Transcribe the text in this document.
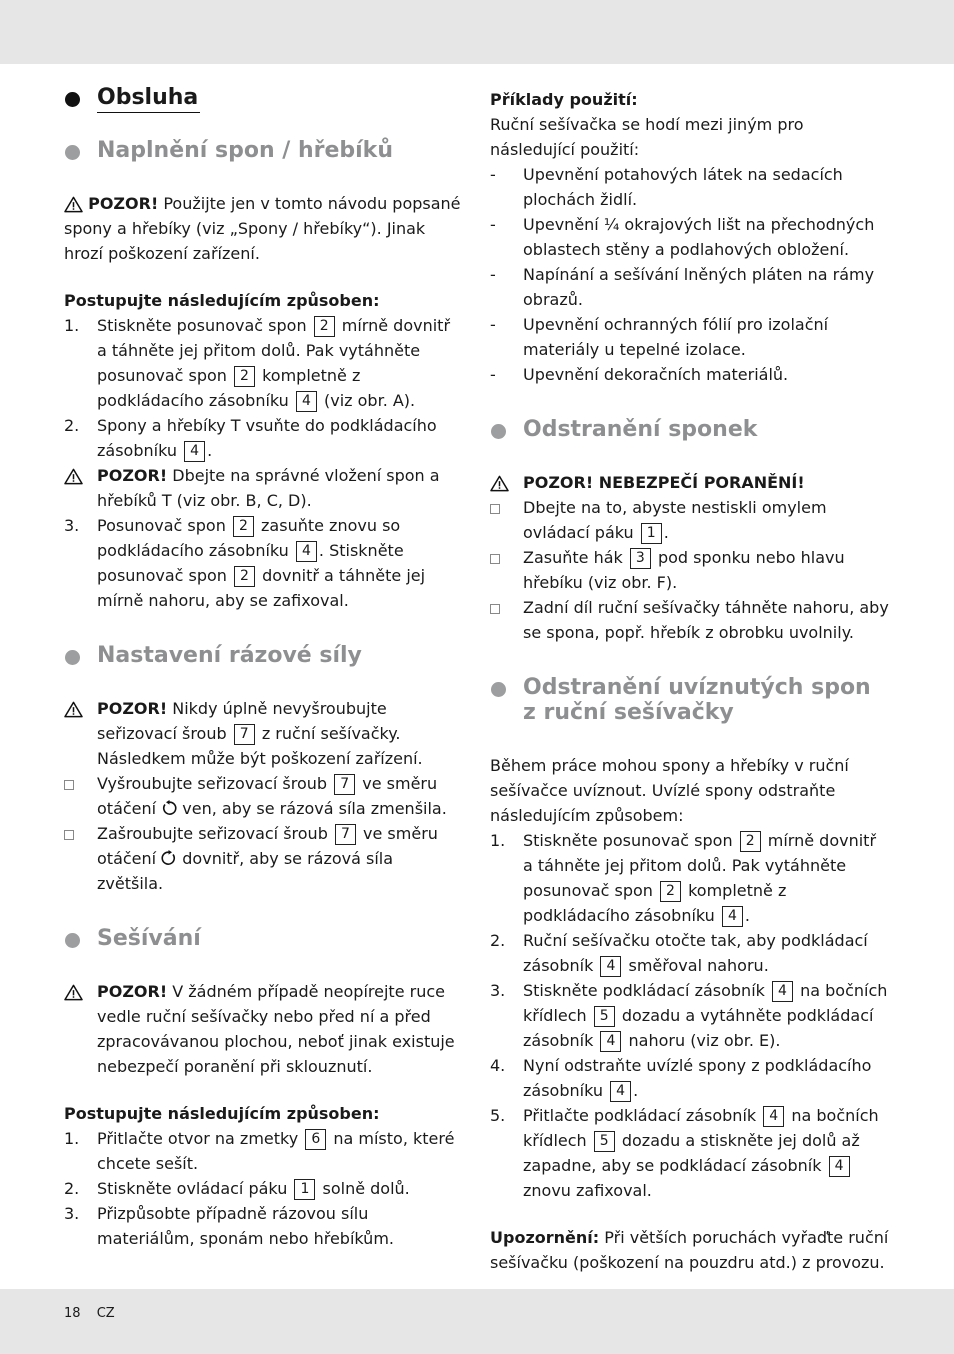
Obsluha
Naplnění spon / hřebíků

POZOR! Použijte jen v tomto návodu popsané spony a hřebíky (viz „Spony / hřebíky“). Jinak hrozí poškození zařízení.

Postupujte následujícím způsoben:

1. Stiskněte posunovač spon 2 mírně dovnitř a táhněte jej přitom dolů. Pak vytáhněte posunovač spon 2 kompletně z podkládacího zásobníku 4 (viz obr. A).

2. Spony a hřebíky T vsuňte do podkládacího zásobníku 4 .

POZOR! Dbejte na správné vložení spon a hřebíků T (viz obr. B, C, D).

3. Posunovač spon 2 zasuňte znovu so podkládacího zásobníku 4 . Stiskněte posunovač spon 2 dovnitř a táhněte jej mírně nahoru, aby se zafixoval.

Nastavení rázové síly

POZOR! Nikdy úplně nevyšroubujte seřizovací šroub 7 z ruční sešívačky. Následkem může být poškození zařízení.

Vyšroubujte seřizovací šroub 7 ve směru otáčení  ven, aby se rázová síla zmenšila.

Zašroubujte seřizovací šroub 7 ve směru otáčení  dovnitř, aby se rázová síla zvětšila.

Sešívání

POZOR! V žádném případě neopírejte ruce vedle ruční sešívačky nebo před ní a před zpracovávanou plochou, neboť jinak existuje nebezpečí poranění při sklouznutí.

Postupujte následujícím způsoben:

1. Přitlačte otvor na zmetky 6 na místo, které chcete sešít.

2. Stiskněte ovládací páku 1 solně dolů.

3. Přizpůsobte případně rázovou sílu materiálům, sponám nebo hřebíkům.

Příklady použití:

Ruční sešívačka se hodí mezi jiným pro následující použití:

- Upevnění potahových látek na sedacích plochách židlí.

- Upevnění ¼ okrajových lišt na přechodných oblastech stěny a podlahových obložení.

- Napínání a sešívání lněných pláten na rámy obrazů.

- Upevnění ochranných fólií pro izolační materiály u tepelné izolace.

- Upevnění dekoračních materiálů.

Odstranění sponek

POZOR! NEBEZPEČÍ PORANĚNÍ!

Dbejte na to, abyste nestiskli omylem ovládací páku 1 .

Zasuňte hák 3 pod sponku nebo hlavu hřebíku (viz obr. F).

Zadní díl ruční sešívačky táhněte nahoru, aby se spona, popř. hřebík z obrobku uvolnily.

Odstranění uvíznutých spon z ruční sešívačky

Během práce mohou spony a hřebíky v ruční sešívačce uvíznout. Uvízlé spony odstraňte následujícím způsobem:

1. Stiskněte posunovač spon 2 mírně dovnitř a táhněte jej přitom dolů. Pak vytáhněte posunovač spon 2 kompletně z podkládacího zásobníku 4 .

2. Ruční sešívačku otočte tak, aby podkládací zásobník 4 směřoval nahoru.

3. Stiskněte podkládací zásobník 4 na bočních křídlech 5 dozadu a vytáhněte podkládací zásobník 4 nahoru (viz obr. E).

4. Nyní odstraňte uvízlé spony z podkládacího zásobníku 4 .

5. Přitlačte podkládací zásobník 4 na bočních křídlech 5 dozadu a stiskněte jej dolů až zapadne, aby se podkládací zásobník 4 znovu zafixoval.

Upozornění: Při větších poruchách vyřaďte ruční sešívačku (poškození na pouzdru atd.) z provozu.

18 CZ
